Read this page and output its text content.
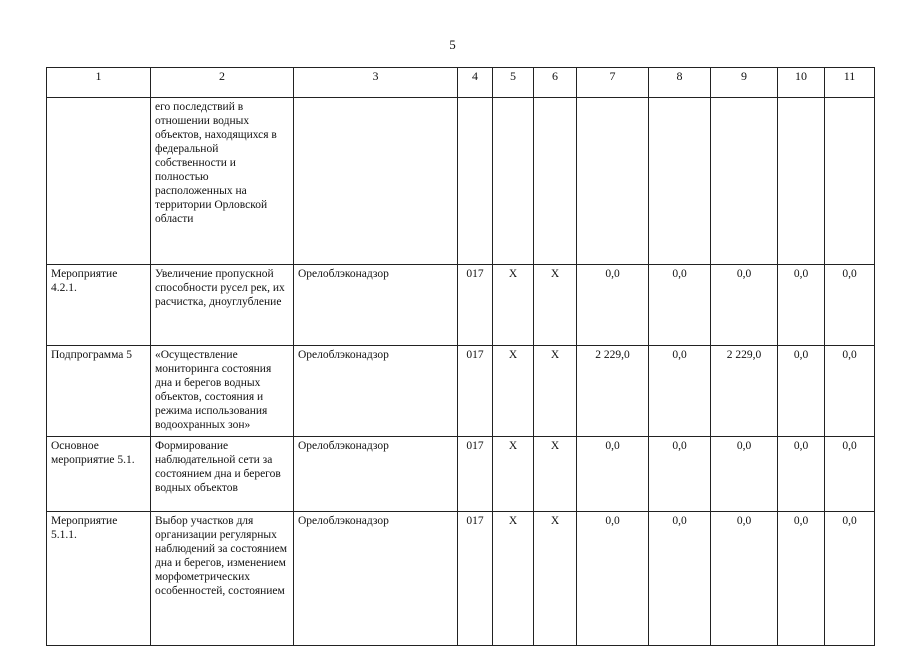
5
1	2	3	4	5	6	7	8	9	10	11
	его последствий в отношении водных объектов, находящихся в федеральной собственности и полностью расположенных на территории Орловской области									
Мероприятие 4.2.1.	Увеличение пропускной способности русел рек, их расчистка, дноуглубление	Орелоблэконадзор	017	X	X	0,0	0,0	0,0	0,0	0,0
Подпрограмма 5	«Осуществление мониторинга состояния дна и берегов водных объектов, состояния и режима использования водоохранных зон»	Орелоблэконадзор	017	X	X	2 229,0	0,0	2 229,0	0,0	0,0
Основное мероприятие 5.1.	Формирование наблюдательной сети за состоянием дна и берегов водных объектов	Орелоблэконадзор	017	X	X	0,0	0,0	0,0	0,0	0,0
Мероприятие 5.1.1.	Выбор участков для организации регулярных наблюдений за состоянием дна и берегов, изменением морфометрических особенностей, состоянием	Орелоблэконадзор	017	X	X	0,0	0,0	0,0	0,0	0,0
